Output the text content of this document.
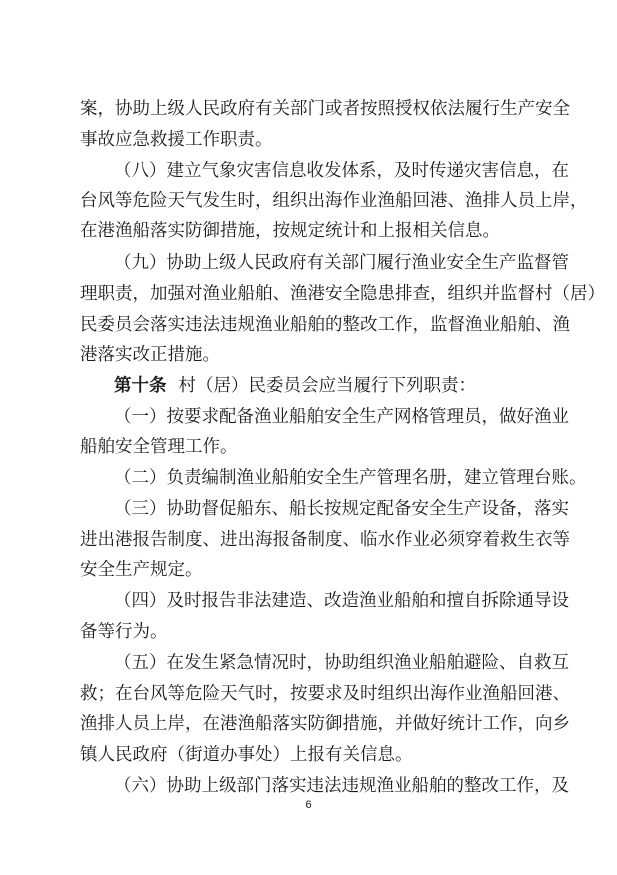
案，协助上级人民政府有关部门或者按照授权依法履行生产安全
事故应急救援工作职责。
（八）建立气象灾害信息收发体系，及时传递灾害信息，在
台风等危险天气发生时，组织出海作业渔船回港、渔排人员上岸，
在港渔船落实防御措施，按规定统计和上报相关信息。
（九）协助上级人民政府有关部门履行渔业安全生产监督管
理职责，加强对渔业船舶、渔港安全隐患排查，组织并监督村（居）
民委员会落实违法违规渔业船舶的整改工作，监督渔业船舶、渔
港落实改正措施。
第十条 村（居）民委员会应当履行下列职责：
（一）按要求配备渔业船舶安全生产网格管理员，做好渔业
船舶安全管理工作。
（二）负责编制渔业船舶安全生产管理名册，建立管理台账。
（三）协助督促船东、船长按规定配备安全生产设备，落实
进出港报告制度、进出海报备制度、临水作业必须穿着救生衣等
安全生产规定。
（四）及时报告非法建造、改造渔业船舶和擅自拆除通导设
备等行为。
（五）在发生紧急情况时，协助组织渔业船舶避险、自救互
救；在台风等危险天气时，按要求及时组织出海作业渔船回港、
渔排人员上岸，在港渔船落实防御措施，并做好统计工作，向乡
镇人民政府（街道办事处）上报有关信息。
（六）协助上级部门落实违法违规渔业船舶的整改工作，及
6
